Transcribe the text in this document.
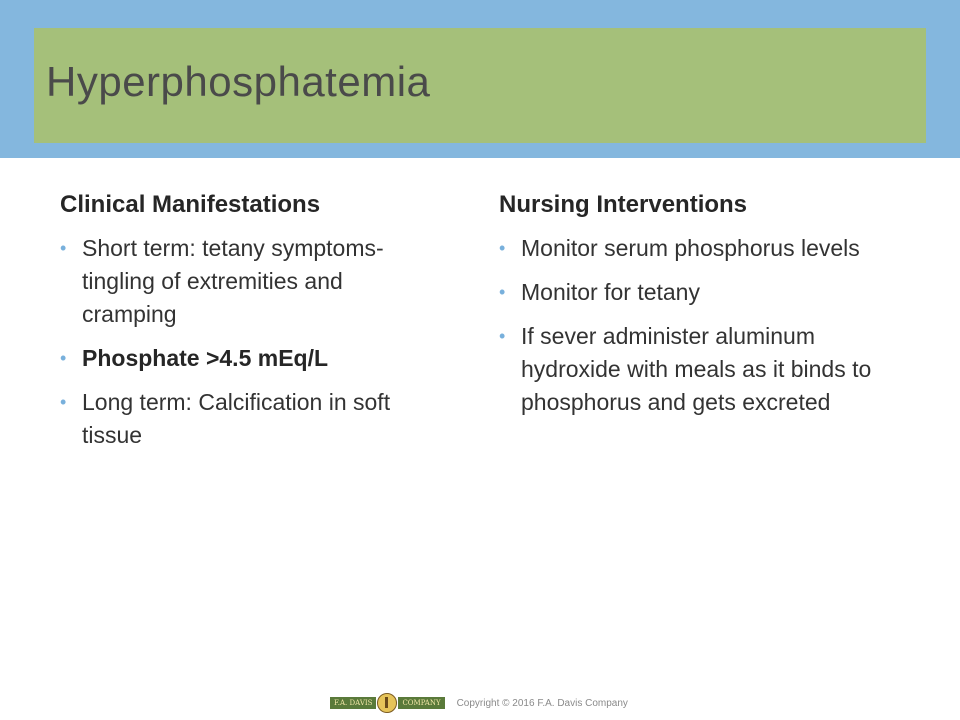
Hyperphosphatemia
Clinical Manifestations
• Short term: tetany symptoms- tingling of extremities and cramping
• Phosphate >4.5 mEq/L
• Long term: Calcification in soft tissue
Nursing Interventions
• Monitor serum phosphorus levels
• Monitor for tetany
• If sever administer aluminum hydroxide with meals as it binds to phosphorus and gets excreted
F.A. DAVIS	COMPANY	Copyright © 2016 F.A. Davis Company
